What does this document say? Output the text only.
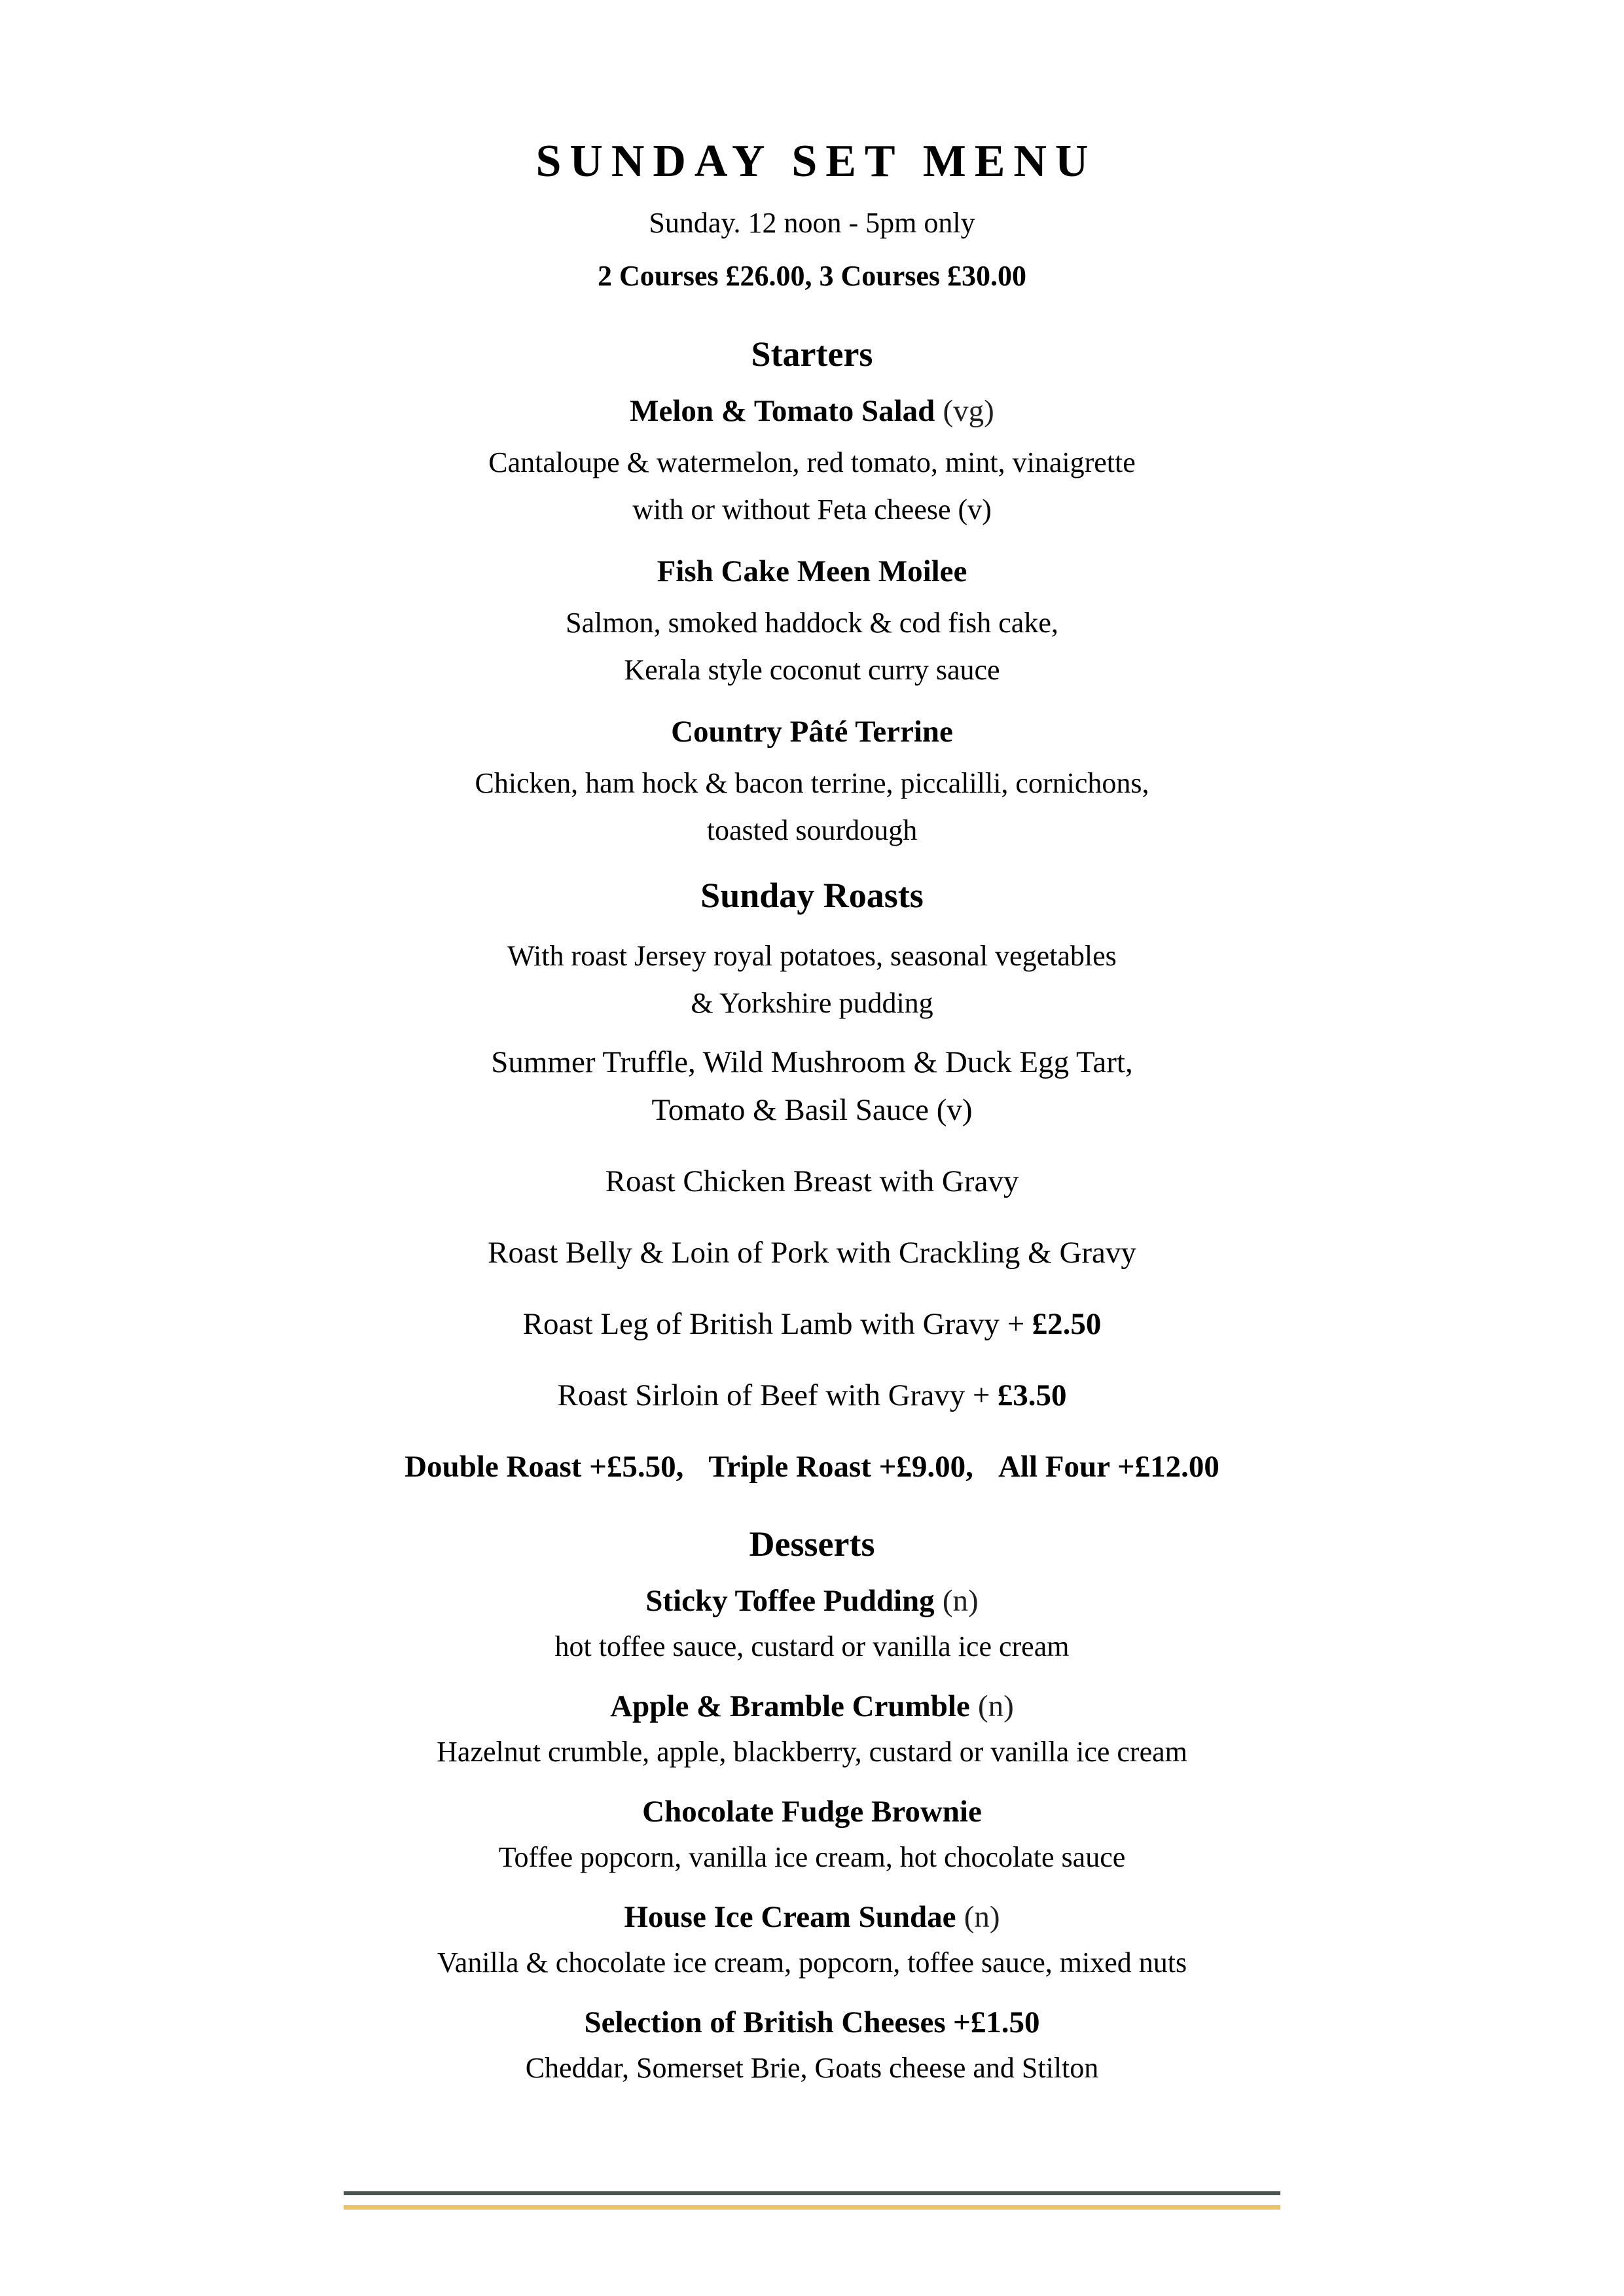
SUNDAY SET MENU
Sunday. 12 noon - 5pm only
2 Courses £26.00, 3 Courses £30.00
Starters
Melon & Tomato Salad (vg)
Cantaloupe & watermelon, red tomato, mint, vinaigrette
with or without Feta cheese (v)
Fish Cake Meen Moilee
Salmon, smoked haddock & cod fish cake,
Kerala style coconut curry sauce
Country Pâté Terrine
Chicken, ham hock & bacon terrine, piccalilli, cornichons,
toasted sourdough
Sunday Roasts
With roast Jersey royal potatoes, seasonal vegetables
& Yorkshire pudding
Summer Truffle, Wild Mushroom & Duck Egg Tart,
Tomato & Basil Sauce (v)
Roast Chicken Breast with Gravy
Roast Belly & Loin of Pork with Crackling & Gravy
Roast Leg of British Lamb with Gravy + £2.50
Roast Sirloin of Beef with Gravy + £3.50
Double Roast +£5.50, Triple Roast +£9.00, All Four +£12.00
Desserts
Sticky Toffee Pudding (n)
hot toffee sauce, custard or vanilla ice cream
Apple & Bramble Crumble (n)
Hazelnut crumble, apple, blackberry, custard or vanilla ice cream
Chocolate Fudge Brownie
Toffee popcorn, vanilla ice cream, hot chocolate sauce
House Ice Cream Sundae (n)
Vanilla & chocolate ice cream, popcorn, toffee sauce, mixed nuts
Selection of British Cheeses +£1.50
Cheddar, Somerset Brie, Goats cheese and Stilton
